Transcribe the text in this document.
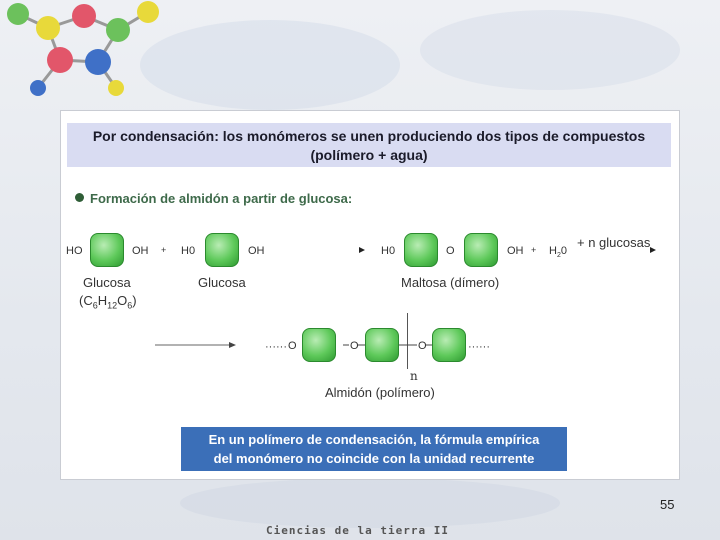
Por condensación: los monómeros se unen produciendo dos tipos de compuestos
(polímero + agua)
Formación de almidón a partir de glucosa:
HO	OH + H0	OH	H0	O	OH + $H_20$
+ n glucosas
Glucosa
$(C_6H_{12}O_6)$
Glucosa	Maltosa (dímero)
······ O	O	O	······
n
Almidón (polímero)
En un polímero de condensación, la fórmula empírica
del monómero no coincide con la unidad recurrente
55
Ciencias de la tierra II
